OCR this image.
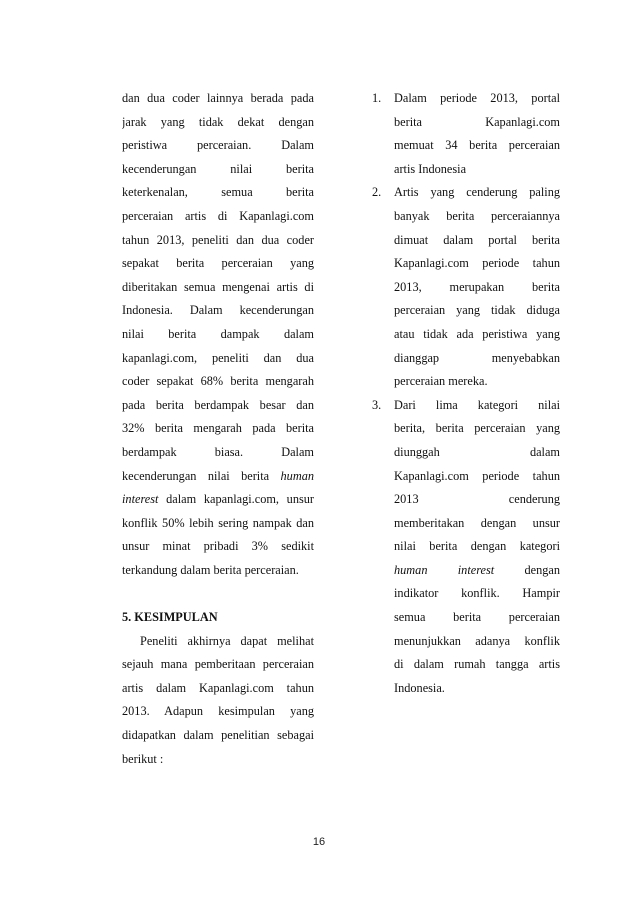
dan dua coder lainnya berada pada
jarak yang tidak dekat dengan
peristiwa perceraian. Dalam
kecenderungan nilai berita
keterkenalan, semua berita
perceraian artis di Kapanlagi.com
tahun 2013, peneliti dan dua coder
sepakat berita perceraian yang
diberitakan semua mengenai artis di
Indonesia. Dalam kecenderungan
nilai berita dampak dalam
kapanlagi.com, peneliti dan dua
coder sepakat 68% berita mengarah
pada berita berdampak besar dan
32% berita mengarah pada berita
berdampak biasa. Dalam
kecenderungan nilai berita human
interest dalam kapanlagi.com, unsur
konflik 50% lebih sering nampak dan
unsur minat pribadi 3% sedikit
terkandung dalam berita perceraian.
5. KESIMPULAN
Peneliti akhirnya dapat melihat
sejauh mana pemberitaan perceraian
artis dalam Kapanlagi.com tahun
2013. Adapun kesimpulan yang
didapatkan dalam penelitian sebagai
berikut :
1.	Dalam periode 2013, portal
berita Kapanlagi.com
memuat 34 berita perceraian
artis Indonesia
2.	Artis yang cenderung paling
banyak berita perceraiannya
dimuat dalam portal berita
Kapanlagi.com periode tahun
2013, merupakan berita
perceraian yang tidak diduga
atau tidak ada peristiwa yang
dianggap menyebabkan
perceraian mereka.
3.	Dari lima kategori nilai
berita, berita perceraian yang
diunggah dalam
Kapanlagi.com periode tahun
2013 cenderung
memberitakan dengan unsur
nilai berita dengan kategori
human interest dengan
indikator konflik. Hampir
semua berita perceraian
menunjukkan adanya konflik
di dalam rumah tangga artis
Indonesia.
16
